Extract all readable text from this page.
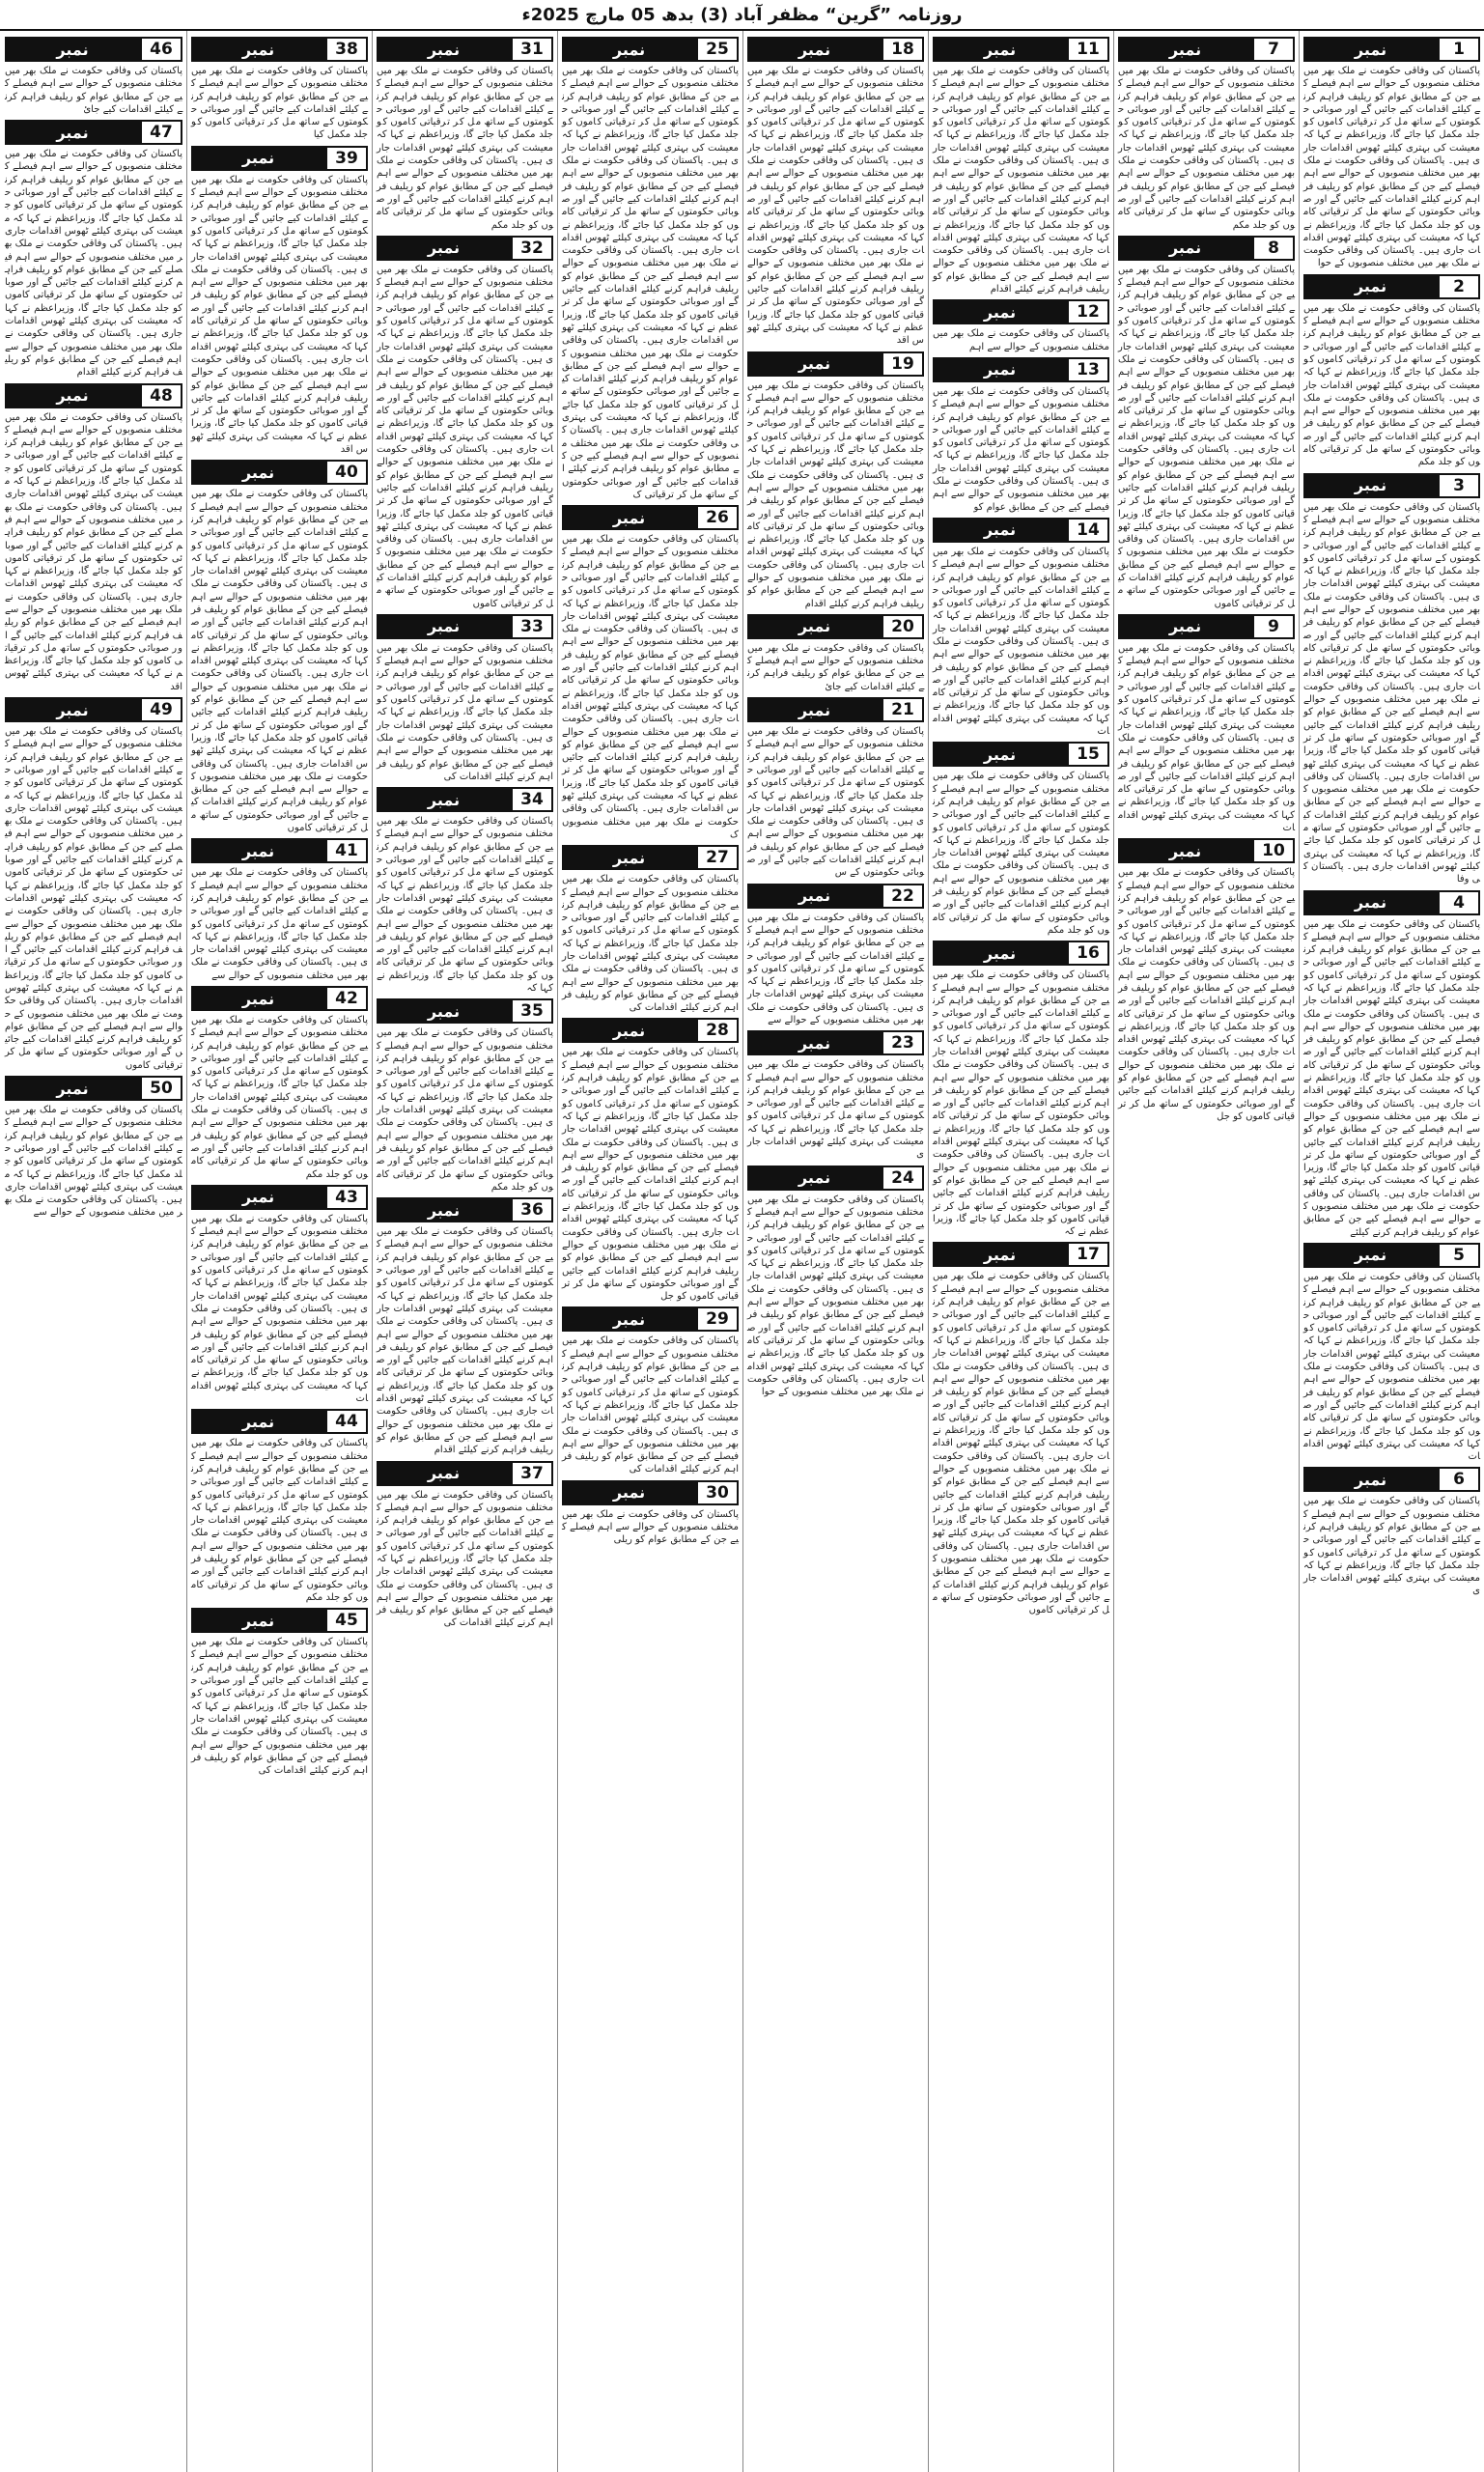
روزنامہ ”گرین“ مظفر آباد (3) بدھ 05 مارچ 2025ء
1
نمبر
پاکستان کی وفاقی حکومت نے ملک بھر میں مختلف منصوبوں کے حوالے سے اہم فیصلے کیے جن کے مطابق عوام کو ریلیف فراہم کرنے کیلئے اقدامات کیے جائیں گے اور صوبائی حکومتوں کے ساتھ مل کر ترقیاتی کاموں کو جلد مکمل کیا جائے گا، وزیراعظم نے کہا کہ معیشت کی بہتری کیلئے ٹھوس اقدامات جاری ہیں۔ پاکستان کی وفاقی حکومت نے ملک بھر میں مختلف منصوبوں کے حوالے سے اہم فیصلے کیے جن کے مطابق عوام کو ریلیف فراہم کرنے کیلئے اقدامات کیے جائیں گے اور صوبائی حکومتوں کے ساتھ مل کر ترقیاتی کاموں کو جلد مکمل کیا جائے گا، وزیراعظم نے کہا کہ معیشت کی بہتری کیلئے ٹھوس اقدامات جاری ہیں۔ پاکستان کی وفاقی حکومت نے ملک بھر میں مختلف منصوبوں کے حوا
2
نمبر
پاکستان کی وفاقی حکومت نے ملک بھر میں مختلف منصوبوں کے حوالے سے اہم فیصلے کیے جن کے مطابق عوام کو ریلیف فراہم کرنے کیلئے اقدامات کیے جائیں گے اور صوبائی حکومتوں کے ساتھ مل کر ترقیاتی کاموں کو جلد مکمل کیا جائے گا، وزیراعظم نے کہا کہ معیشت کی بہتری کیلئے ٹھوس اقدامات جاری ہیں۔ پاکستان کی وفاقی حکومت نے ملک بھر میں مختلف منصوبوں کے حوالے سے اہم فیصلے کیے جن کے مطابق عوام کو ریلیف فراہم کرنے کیلئے اقدامات کیے جائیں گے اور صوبائی حکومتوں کے ساتھ مل کر ترقیاتی کاموں کو جلد مکم
3
نمبر
پاکستان کی وفاقی حکومت نے ملک بھر میں مختلف منصوبوں کے حوالے سے اہم فیصلے کیے جن کے مطابق عوام کو ریلیف فراہم کرنے کیلئے اقدامات کیے جائیں گے اور صوبائی حکومتوں کے ساتھ مل کر ترقیاتی کاموں کو جلد مکمل کیا جائے گا، وزیراعظم نے کہا کہ معیشت کی بہتری کیلئے ٹھوس اقدامات جاری ہیں۔ پاکستان کی وفاقی حکومت نے ملک بھر میں مختلف منصوبوں کے حوالے سے اہم فیصلے کیے جن کے مطابق عوام کو ریلیف فراہم کرنے کیلئے اقدامات کیے جائیں گے اور صوبائی حکومتوں کے ساتھ مل کر ترقیاتی کاموں کو جلد مکمل کیا جائے گا، وزیراعظم نے کہا کہ معیشت کی بہتری کیلئے ٹھوس اقدامات جاری ہیں۔ پاکستان کی وفاقی حکومت نے ملک بھر میں مختلف منصوبوں کے حوالے سے اہم فیصلے کیے جن کے مطابق عوام کو ریلیف فراہم کرنے کیلئے اقدامات کیے جائیں گے اور صوبائی حکومتوں کے ساتھ مل کر ترقیاتی کاموں کو جلد مکمل کیا جائے گا، وزیراعظم نے کہا کہ معیشت کی بہتری کیلئے ٹھوس اقدامات جاری ہیں۔ پاکستان کی وفاقی حکومت نے ملک بھر میں مختلف منصوبوں کے حوالے سے اہم فیصلے کیے جن کے مطابق عوام کو ریلیف فراہم کرنے کیلئے اقدامات کیے جائیں گے اور صوبائی حکومتوں کے ساتھ مل کر ترقیاتی کاموں کو جلد مکمل کیا جائے گا، وزیراعظم نے کہا کہ معیشت کی بہتری کیلئے ٹھوس اقدامات جاری ہیں۔ پاکستان کی وفا
4
نمبر
پاکستان کی وفاقی حکومت نے ملک بھر میں مختلف منصوبوں کے حوالے سے اہم فیصلے کیے جن کے مطابق عوام کو ریلیف فراہم کرنے کیلئے اقدامات کیے جائیں گے اور صوبائی حکومتوں کے ساتھ مل کر ترقیاتی کاموں کو جلد مکمل کیا جائے گا، وزیراعظم نے کہا کہ معیشت کی بہتری کیلئے ٹھوس اقدامات جاری ہیں۔ پاکستان کی وفاقی حکومت نے ملک بھر میں مختلف منصوبوں کے حوالے سے اہم فیصلے کیے جن کے مطابق عوام کو ریلیف فراہم کرنے کیلئے اقدامات کیے جائیں گے اور صوبائی حکومتوں کے ساتھ مل کر ترقیاتی کاموں کو جلد مکمل کیا جائے گا، وزیراعظم نے کہا کہ معیشت کی بہتری کیلئے ٹھوس اقدامات جاری ہیں۔ پاکستان کی وفاقی حکومت نے ملک بھر میں مختلف منصوبوں کے حوالے سے اہم فیصلے کیے جن کے مطابق عوام کو ریلیف فراہم کرنے کیلئے اقدامات کیے جائیں گے اور صوبائی حکومتوں کے ساتھ مل کر ترقیاتی کاموں کو جلد مکمل کیا جائے گا، وزیراعظم نے کہا کہ معیشت کی بہتری کیلئے ٹھوس اقدامات جاری ہیں۔ پاکستان کی وفاقی حکومت نے ملک بھر میں مختلف منصوبوں کے حوالے سے اہم فیصلے کیے جن کے مطابق عوام کو ریلیف فراہم کرنے کیلئے
5
نمبر
پاکستان کی وفاقی حکومت نے ملک بھر میں مختلف منصوبوں کے حوالے سے اہم فیصلے کیے جن کے مطابق عوام کو ریلیف فراہم کرنے کیلئے اقدامات کیے جائیں گے اور صوبائی حکومتوں کے ساتھ مل کر ترقیاتی کاموں کو جلد مکمل کیا جائے گا، وزیراعظم نے کہا کہ معیشت کی بہتری کیلئے ٹھوس اقدامات جاری ہیں۔ پاکستان کی وفاقی حکومت نے ملک بھر میں مختلف منصوبوں کے حوالے سے اہم فیصلے کیے جن کے مطابق عوام کو ریلیف فراہم کرنے کیلئے اقدامات کیے جائیں گے اور صوبائی حکومتوں کے ساتھ مل کر ترقیاتی کاموں کو جلد مکمل کیا جائے گا، وزیراعظم نے کہا کہ معیشت کی بہتری کیلئے ٹھوس اقدامات
6
نمبر
پاکستان کی وفاقی حکومت نے ملک بھر میں مختلف منصوبوں کے حوالے سے اہم فیصلے کیے جن کے مطابق عوام کو ریلیف فراہم کرنے کیلئے اقدامات کیے جائیں گے اور صوبائی حکومتوں کے ساتھ مل کر ترقیاتی کاموں کو جلد مکمل کیا جائے گا، وزیراعظم نے کہا کہ معیشت کی بہتری کیلئے ٹھوس اقدامات جاری
7
نمبر
پاکستان کی وفاقی حکومت نے ملک بھر میں مختلف منصوبوں کے حوالے سے اہم فیصلے کیے جن کے مطابق عوام کو ریلیف فراہم کرنے کیلئے اقدامات کیے جائیں گے اور صوبائی حکومتوں کے ساتھ مل کر ترقیاتی کاموں کو جلد مکمل کیا جائے گا، وزیراعظم نے کہا کہ معیشت کی بہتری کیلئے ٹھوس اقدامات جاری ہیں۔ پاکستان کی وفاقی حکومت نے ملک بھر میں مختلف منصوبوں کے حوالے سے اہم فیصلے کیے جن کے مطابق عوام کو ریلیف فراہم کرنے کیلئے اقدامات کیے جائیں گے اور صوبائی حکومتوں کے ساتھ مل کر ترقیاتی کاموں کو جلد مکم
8
نمبر
پاکستان کی وفاقی حکومت نے ملک بھر میں مختلف منصوبوں کے حوالے سے اہم فیصلے کیے جن کے مطابق عوام کو ریلیف فراہم کرنے کیلئے اقدامات کیے جائیں گے اور صوبائی حکومتوں کے ساتھ مل کر ترقیاتی کاموں کو جلد مکمل کیا جائے گا، وزیراعظم نے کہا کہ معیشت کی بہتری کیلئے ٹھوس اقدامات جاری ہیں۔ پاکستان کی وفاقی حکومت نے ملک بھر میں مختلف منصوبوں کے حوالے سے اہم فیصلے کیے جن کے مطابق عوام کو ریلیف فراہم کرنے کیلئے اقدامات کیے جائیں گے اور صوبائی حکومتوں کے ساتھ مل کر ترقیاتی کاموں کو جلد مکمل کیا جائے گا، وزیراعظم نے کہا کہ معیشت کی بہتری کیلئے ٹھوس اقدامات جاری ہیں۔ پاکستان کی وفاقی حکومت نے ملک بھر میں مختلف منصوبوں کے حوالے سے اہم فیصلے کیے جن کے مطابق عوام کو ریلیف فراہم کرنے کیلئے اقدامات کیے جائیں گے اور صوبائی حکومتوں کے ساتھ مل کر ترقیاتی کاموں کو جلد مکمل کیا جائے گا، وزیراعظم نے کہا کہ معیشت کی بہتری کیلئے ٹھوس اقدامات جاری ہیں۔ پاکستان کی وفاقی حکومت نے ملک بھر میں مختلف منصوبوں کے حوالے سے اہم فیصلے کیے جن کے مطابق عوام کو ریلیف فراہم کرنے کیلئے اقدامات کیے جائیں گے اور صوبائی حکومتوں کے ساتھ مل کر ترقیاتی کاموں
9
نمبر
پاکستان کی وفاقی حکومت نے ملک بھر میں مختلف منصوبوں کے حوالے سے اہم فیصلے کیے جن کے مطابق عوام کو ریلیف فراہم کرنے کیلئے اقدامات کیے جائیں گے اور صوبائی حکومتوں کے ساتھ مل کر ترقیاتی کاموں کو جلد مکمل کیا جائے گا، وزیراعظم نے کہا کہ معیشت کی بہتری کیلئے ٹھوس اقدامات جاری ہیں۔ پاکستان کی وفاقی حکومت نے ملک بھر میں مختلف منصوبوں کے حوالے سے اہم فیصلے کیے جن کے مطابق عوام کو ریلیف فراہم کرنے کیلئے اقدامات کیے جائیں گے اور صوبائی حکومتوں کے ساتھ مل کر ترقیاتی کاموں کو جلد مکمل کیا جائے گا، وزیراعظم نے کہا کہ معیشت کی بہتری کیلئے ٹھوس اقدامات
10
نمبر
پاکستان کی وفاقی حکومت نے ملک بھر میں مختلف منصوبوں کے حوالے سے اہم فیصلے کیے جن کے مطابق عوام کو ریلیف فراہم کرنے کیلئے اقدامات کیے جائیں گے اور صوبائی حکومتوں کے ساتھ مل کر ترقیاتی کاموں کو جلد مکمل کیا جائے گا، وزیراعظم نے کہا کہ معیشت کی بہتری کیلئے ٹھوس اقدامات جاری ہیں۔ پاکستان کی وفاقی حکومت نے ملک بھر میں مختلف منصوبوں کے حوالے سے اہم فیصلے کیے جن کے مطابق عوام کو ریلیف فراہم کرنے کیلئے اقدامات کیے جائیں گے اور صوبائی حکومتوں کے ساتھ مل کر ترقیاتی کاموں کو جلد مکمل کیا جائے گا، وزیراعظم نے کہا کہ معیشت کی بہتری کیلئے ٹھوس اقدامات جاری ہیں۔ پاکستان کی وفاقی حکومت نے ملک بھر میں مختلف منصوبوں کے حوالے سے اہم فیصلے کیے جن کے مطابق عوام کو ریلیف فراہم کرنے کیلئے اقدامات کیے جائیں گے اور صوبائی حکومتوں کے ساتھ مل کر ترقیاتی کاموں کو جل
11
نمبر
پاکستان کی وفاقی حکومت نے ملک بھر میں مختلف منصوبوں کے حوالے سے اہم فیصلے کیے جن کے مطابق عوام کو ریلیف فراہم کرنے کیلئے اقدامات کیے جائیں گے اور صوبائی حکومتوں کے ساتھ مل کر ترقیاتی کاموں کو جلد مکمل کیا جائے گا، وزیراعظم نے کہا کہ معیشت کی بہتری کیلئے ٹھوس اقدامات جاری ہیں۔ پاکستان کی وفاقی حکومت نے ملک بھر میں مختلف منصوبوں کے حوالے سے اہم فیصلے کیے جن کے مطابق عوام کو ریلیف فراہم کرنے کیلئے اقدامات کیے جائیں گے اور صوبائی حکومتوں کے ساتھ مل کر ترقیاتی کاموں کو جلد مکمل کیا جائے گا، وزیراعظم نے کہا کہ معیشت کی بہتری کیلئے ٹھوس اقدامات جاری ہیں۔ پاکستان کی وفاقی حکومت نے ملک بھر میں مختلف منصوبوں کے حوالے سے اہم فیصلے کیے جن کے مطابق عوام کو ریلیف فراہم کرنے کیلئے اقدام
12
نمبر
پاکستان کی وفاقی حکومت نے ملک بھر میں مختلف منصوبوں کے حوالے سے اہم
13
نمبر
پاکستان کی وفاقی حکومت نے ملک بھر میں مختلف منصوبوں کے حوالے سے اہم فیصلے کیے جن کے مطابق عوام کو ریلیف فراہم کرنے کیلئے اقدامات کیے جائیں گے اور صوبائی حکومتوں کے ساتھ مل کر ترقیاتی کاموں کو جلد مکمل کیا جائے گا، وزیراعظم نے کہا کہ معیشت کی بہتری کیلئے ٹھوس اقدامات جاری ہیں۔ پاکستان کی وفاقی حکومت نے ملک بھر میں مختلف منصوبوں کے حوالے سے اہم فیصلے کیے جن کے مطابق عوام کو
14
نمبر
پاکستان کی وفاقی حکومت نے ملک بھر میں مختلف منصوبوں کے حوالے سے اہم فیصلے کیے جن کے مطابق عوام کو ریلیف فراہم کرنے کیلئے اقدامات کیے جائیں گے اور صوبائی حکومتوں کے ساتھ مل کر ترقیاتی کاموں کو جلد مکمل کیا جائے گا، وزیراعظم نے کہا کہ معیشت کی بہتری کیلئے ٹھوس اقدامات جاری ہیں۔ پاکستان کی وفاقی حکومت نے ملک بھر میں مختلف منصوبوں کے حوالے سے اہم فیصلے کیے جن کے مطابق عوام کو ریلیف فراہم کرنے کیلئے اقدامات کیے جائیں گے اور صوبائی حکومتوں کے ساتھ مل کر ترقیاتی کاموں کو جلد مکمل کیا جائے گا، وزیراعظم نے کہا کہ معیشت کی بہتری کیلئے ٹھوس اقدامات
15
نمبر
پاکستان کی وفاقی حکومت نے ملک بھر میں مختلف منصوبوں کے حوالے سے اہم فیصلے کیے جن کے مطابق عوام کو ریلیف فراہم کرنے کیلئے اقدامات کیے جائیں گے اور صوبائی حکومتوں کے ساتھ مل کر ترقیاتی کاموں کو جلد مکمل کیا جائے گا، وزیراعظم نے کہا کہ معیشت کی بہتری کیلئے ٹھوس اقدامات جاری ہیں۔ پاکستان کی وفاقی حکومت نے ملک بھر میں مختلف منصوبوں کے حوالے سے اہم فیصلے کیے جن کے مطابق عوام کو ریلیف فراہم کرنے کیلئے اقدامات کیے جائیں گے اور صوبائی حکومتوں کے ساتھ مل کر ترقیاتی کاموں کو جلد مکم
16
نمبر
پاکستان کی وفاقی حکومت نے ملک بھر میں مختلف منصوبوں کے حوالے سے اہم فیصلے کیے جن کے مطابق عوام کو ریلیف فراہم کرنے کیلئے اقدامات کیے جائیں گے اور صوبائی حکومتوں کے ساتھ مل کر ترقیاتی کاموں کو جلد مکمل کیا جائے گا، وزیراعظم نے کہا کہ معیشت کی بہتری کیلئے ٹھوس اقدامات جاری ہیں۔ پاکستان کی وفاقی حکومت نے ملک بھر میں مختلف منصوبوں کے حوالے سے اہم فیصلے کیے جن کے مطابق عوام کو ریلیف فراہم کرنے کیلئے اقدامات کیے جائیں گے اور صوبائی حکومتوں کے ساتھ مل کر ترقیاتی کاموں کو جلد مکمل کیا جائے گا، وزیراعظم نے کہا کہ معیشت کی بہتری کیلئے ٹھوس اقدامات جاری ہیں۔ پاکستان کی وفاقی حکومت نے ملک بھر میں مختلف منصوبوں کے حوالے سے اہم فیصلے کیے جن کے مطابق عوام کو ریلیف فراہم کرنے کیلئے اقدامات کیے جائیں گے اور صوبائی حکومتوں کے ساتھ مل کر ترقیاتی کاموں کو جلد مکمل کیا جائے گا، وزیراعظم نے کہ
17
نمبر
پاکستان کی وفاقی حکومت نے ملک بھر میں مختلف منصوبوں کے حوالے سے اہم فیصلے کیے جن کے مطابق عوام کو ریلیف فراہم کرنے کیلئے اقدامات کیے جائیں گے اور صوبائی حکومتوں کے ساتھ مل کر ترقیاتی کاموں کو جلد مکمل کیا جائے گا، وزیراعظم نے کہا کہ معیشت کی بہتری کیلئے ٹھوس اقدامات جاری ہیں۔ پاکستان کی وفاقی حکومت نے ملک بھر میں مختلف منصوبوں کے حوالے سے اہم فیصلے کیے جن کے مطابق عوام کو ریلیف فراہم کرنے کیلئے اقدامات کیے جائیں گے اور صوبائی حکومتوں کے ساتھ مل کر ترقیاتی کاموں کو جلد مکمل کیا جائے گا، وزیراعظم نے کہا کہ معیشت کی بہتری کیلئے ٹھوس اقدامات جاری ہیں۔ پاکستان کی وفاقی حکومت نے ملک بھر میں مختلف منصوبوں کے حوالے سے اہم فیصلے کیے جن کے مطابق عوام کو ریلیف فراہم کرنے کیلئے اقدامات کیے جائیں گے اور صوبائی حکومتوں کے ساتھ مل کر ترقیاتی کاموں کو جلد مکمل کیا جائے گا، وزیراعظم نے کہا کہ معیشت کی بہتری کیلئے ٹھوس اقدامات جاری ہیں۔ پاکستان کی وفاقی حکومت نے ملک بھر میں مختلف منصوبوں کے حوالے سے اہم فیصلے کیے جن کے مطابق عوام کو ریلیف فراہم کرنے کیلئے اقدامات کیے جائیں گے اور صوبائی حکومتوں کے ساتھ مل کر ترقیاتی کاموں
18
نمبر
پاکستان کی وفاقی حکومت نے ملک بھر میں مختلف منصوبوں کے حوالے سے اہم فیصلے کیے جن کے مطابق عوام کو ریلیف فراہم کرنے کیلئے اقدامات کیے جائیں گے اور صوبائی حکومتوں کے ساتھ مل کر ترقیاتی کاموں کو جلد مکمل کیا جائے گا، وزیراعظم نے کہا کہ معیشت کی بہتری کیلئے ٹھوس اقدامات جاری ہیں۔ پاکستان کی وفاقی حکومت نے ملک بھر میں مختلف منصوبوں کے حوالے سے اہم فیصلے کیے جن کے مطابق عوام کو ریلیف فراہم کرنے کیلئے اقدامات کیے جائیں گے اور صوبائی حکومتوں کے ساتھ مل کر ترقیاتی کاموں کو جلد مکمل کیا جائے گا، وزیراعظم نے کہا کہ معیشت کی بہتری کیلئے ٹھوس اقدامات جاری ہیں۔ پاکستان کی وفاقی حکومت نے ملک بھر میں مختلف منصوبوں کے حوالے سے اہم فیصلے کیے جن کے مطابق عوام کو ریلیف فراہم کرنے کیلئے اقدامات کیے جائیں گے اور صوبائی حکومتوں کے ساتھ مل کر ترقیاتی کاموں کو جلد مکمل کیا جائے گا، وزیراعظم نے کہا کہ معیشت کی بہتری کیلئے ٹھوس اقد
19
نمبر
پاکستان کی وفاقی حکومت نے ملک بھر میں مختلف منصوبوں کے حوالے سے اہم فیصلے کیے جن کے مطابق عوام کو ریلیف فراہم کرنے کیلئے اقدامات کیے جائیں گے اور صوبائی حکومتوں کے ساتھ مل کر ترقیاتی کاموں کو جلد مکمل کیا جائے گا، وزیراعظم نے کہا کہ معیشت کی بہتری کیلئے ٹھوس اقدامات جاری ہیں۔ پاکستان کی وفاقی حکومت نے ملک بھر میں مختلف منصوبوں کے حوالے سے اہم فیصلے کیے جن کے مطابق عوام کو ریلیف فراہم کرنے کیلئے اقدامات کیے جائیں گے اور صوبائی حکومتوں کے ساتھ مل کر ترقیاتی کاموں کو جلد مکمل کیا جائے گا، وزیراعظم نے کہا کہ معیشت کی بہتری کیلئے ٹھوس اقدامات جاری ہیں۔ پاکستان کی وفاقی حکومت نے ملک بھر میں مختلف منصوبوں کے حوالے سے اہم فیصلے کیے جن کے مطابق عوام کو ریلیف فراہم کرنے کیلئے اقدام
20
نمبر
پاکستان کی وفاقی حکومت نے ملک بھر میں مختلف منصوبوں کے حوالے سے اہم فیصلے کیے جن کے مطابق عوام کو ریلیف فراہم کرنے کیلئے اقدامات کیے جائ
21
نمبر
پاکستان کی وفاقی حکومت نے ملک بھر میں مختلف منصوبوں کے حوالے سے اہم فیصلے کیے جن کے مطابق عوام کو ریلیف فراہم کرنے کیلئے اقدامات کیے جائیں گے اور صوبائی حکومتوں کے ساتھ مل کر ترقیاتی کاموں کو جلد مکمل کیا جائے گا، وزیراعظم نے کہا کہ معیشت کی بہتری کیلئے ٹھوس اقدامات جاری ہیں۔ پاکستان کی وفاقی حکومت نے ملک بھر میں مختلف منصوبوں کے حوالے سے اہم فیصلے کیے جن کے مطابق عوام کو ریلیف فراہم کرنے کیلئے اقدامات کیے جائیں گے اور صوبائی حکومتوں کے س
22
نمبر
پاکستان کی وفاقی حکومت نے ملک بھر میں مختلف منصوبوں کے حوالے سے اہم فیصلے کیے جن کے مطابق عوام کو ریلیف فراہم کرنے کیلئے اقدامات کیے جائیں گے اور صوبائی حکومتوں کے ساتھ مل کر ترقیاتی کاموں کو جلد مکمل کیا جائے گا، وزیراعظم نے کہا کہ معیشت کی بہتری کیلئے ٹھوس اقدامات جاری ہیں۔ پاکستان کی وفاقی حکومت نے ملک بھر میں مختلف منصوبوں کے حوالے سے
23
نمبر
پاکستان کی وفاقی حکومت نے ملک بھر میں مختلف منصوبوں کے حوالے سے اہم فیصلے کیے جن کے مطابق عوام کو ریلیف فراہم کرنے کیلئے اقدامات کیے جائیں گے اور صوبائی حکومتوں کے ساتھ مل کر ترقیاتی کاموں کو جلد مکمل کیا جائے گا، وزیراعظم نے کہا کہ معیشت کی بہتری کیلئے ٹھوس اقدامات جاری
24
نمبر
پاکستان کی وفاقی حکومت نے ملک بھر میں مختلف منصوبوں کے حوالے سے اہم فیصلے کیے جن کے مطابق عوام کو ریلیف فراہم کرنے کیلئے اقدامات کیے جائیں گے اور صوبائی حکومتوں کے ساتھ مل کر ترقیاتی کاموں کو جلد مکمل کیا جائے گا، وزیراعظم نے کہا کہ معیشت کی بہتری کیلئے ٹھوس اقدامات جاری ہیں۔ پاکستان کی وفاقی حکومت نے ملک بھر میں مختلف منصوبوں کے حوالے سے اہم فیصلے کیے جن کے مطابق عوام کو ریلیف فراہم کرنے کیلئے اقدامات کیے جائیں گے اور صوبائی حکومتوں کے ساتھ مل کر ترقیاتی کاموں کو جلد مکمل کیا جائے گا، وزیراعظم نے کہا کہ معیشت کی بہتری کیلئے ٹھوس اقدامات جاری ہیں۔ پاکستان کی وفاقی حکومت نے ملک بھر میں مختلف منصوبوں کے حوا
25
نمبر
پاکستان کی وفاقی حکومت نے ملک بھر میں مختلف منصوبوں کے حوالے سے اہم فیصلے کیے جن کے مطابق عوام کو ریلیف فراہم کرنے کیلئے اقدامات کیے جائیں گے اور صوبائی حکومتوں کے ساتھ مل کر ترقیاتی کاموں کو جلد مکمل کیا جائے گا، وزیراعظم نے کہا کہ معیشت کی بہتری کیلئے ٹھوس اقدامات جاری ہیں۔ پاکستان کی وفاقی حکومت نے ملک بھر میں مختلف منصوبوں کے حوالے سے اہم فیصلے کیے جن کے مطابق عوام کو ریلیف فراہم کرنے کیلئے اقدامات کیے جائیں گے اور صوبائی حکومتوں کے ساتھ مل کر ترقیاتی کاموں کو جلد مکمل کیا جائے گا، وزیراعظم نے کہا کہ معیشت کی بہتری کیلئے ٹھوس اقدامات جاری ہیں۔ پاکستان کی وفاقی حکومت نے ملک بھر میں مختلف منصوبوں کے حوالے سے اہم فیصلے کیے جن کے مطابق عوام کو ریلیف فراہم کرنے کیلئے اقدامات کیے جائیں گے اور صوبائی حکومتوں کے ساتھ مل کر ترقیاتی کاموں کو جلد مکمل کیا جائے گا، وزیراعظم نے کہا کہ معیشت کی بہتری کیلئے ٹھوس اقدامات جاری ہیں۔ پاکستان کی وفاقی حکومت نے ملک بھر میں مختلف منصوبوں کے حوالے سے اہم فیصلے کیے جن کے مطابق عوام کو ریلیف فراہم کرنے کیلئے اقدامات کیے جائیں گے اور صوبائی حکومتوں کے ساتھ مل کر ترقیاتی کاموں کو جلد مکمل کیا جائے گا، وزیراعظم نے کہا کہ معیشت کی بہتری کیلئے ٹھوس اقدامات جاری ہیں۔ پاکستان کی وفاقی حکومت نے ملک بھر میں مختلف منصوبوں کے حوالے سے اہم فیصلے کیے جن کے مطابق عوام کو ریلیف فراہم کرنے کیلئے اقدامات کیے جائیں گے اور صوبائی حکومتوں کے ساتھ مل کر ترقیاتی ک
26
نمبر
پاکستان کی وفاقی حکومت نے ملک بھر میں مختلف منصوبوں کے حوالے سے اہم فیصلے کیے جن کے مطابق عوام کو ریلیف فراہم کرنے کیلئے اقدامات کیے جائیں گے اور صوبائی حکومتوں کے ساتھ مل کر ترقیاتی کاموں کو جلد مکمل کیا جائے گا، وزیراعظم نے کہا کہ معیشت کی بہتری کیلئے ٹھوس اقدامات جاری ہیں۔ پاکستان کی وفاقی حکومت نے ملک بھر میں مختلف منصوبوں کے حوالے سے اہم فیصلے کیے جن کے مطابق عوام کو ریلیف فراہم کرنے کیلئے اقدامات کیے جائیں گے اور صوبائی حکومتوں کے ساتھ مل کر ترقیاتی کاموں کو جلد مکمل کیا جائے گا، وزیراعظم نے کہا کہ معیشت کی بہتری کیلئے ٹھوس اقدامات جاری ہیں۔ پاکستان کی وفاقی حکومت نے ملک بھر میں مختلف منصوبوں کے حوالے سے اہم فیصلے کیے جن کے مطابق عوام کو ریلیف فراہم کرنے کیلئے اقدامات کیے جائیں گے اور صوبائی حکومتوں کے ساتھ مل کر ترقیاتی کاموں کو جلد مکمل کیا جائے گا، وزیراعظم نے کہا کہ معیشت کی بہتری کیلئے ٹھوس اقدامات جاری ہیں۔ پاکستان کی وفاقی حکومت نے ملک بھر میں مختلف منصوبوں ک
27
نمبر
پاکستان کی وفاقی حکومت نے ملک بھر میں مختلف منصوبوں کے حوالے سے اہم فیصلے کیے جن کے مطابق عوام کو ریلیف فراہم کرنے کیلئے اقدامات کیے جائیں گے اور صوبائی حکومتوں کے ساتھ مل کر ترقیاتی کاموں کو جلد مکمل کیا جائے گا، وزیراعظم نے کہا کہ معیشت کی بہتری کیلئے ٹھوس اقدامات جاری ہیں۔ پاکستان کی وفاقی حکومت نے ملک بھر میں مختلف منصوبوں کے حوالے سے اہم فیصلے کیے جن کے مطابق عوام کو ریلیف فراہم کرنے کیلئے اقدامات کی
28
نمبر
پاکستان کی وفاقی حکومت نے ملک بھر میں مختلف منصوبوں کے حوالے سے اہم فیصلے کیے جن کے مطابق عوام کو ریلیف فراہم کرنے کیلئے اقدامات کیے جائیں گے اور صوبائی حکومتوں کے ساتھ مل کر ترقیاتی کاموں کو جلد مکمل کیا جائے گا، وزیراعظم نے کہا کہ معیشت کی بہتری کیلئے ٹھوس اقدامات جاری ہیں۔ پاکستان کی وفاقی حکومت نے ملک بھر میں مختلف منصوبوں کے حوالے سے اہم فیصلے کیے جن کے مطابق عوام کو ریلیف فراہم کرنے کیلئے اقدامات کیے جائیں گے اور صوبائی حکومتوں کے ساتھ مل کر ترقیاتی کاموں کو جلد مکمل کیا جائے گا، وزیراعظم نے کہا کہ معیشت کی بہتری کیلئے ٹھوس اقدامات جاری ہیں۔ پاکستان کی وفاقی حکومت نے ملک بھر میں مختلف منصوبوں کے حوالے سے اہم فیصلے کیے جن کے مطابق عوام کو ریلیف فراہم کرنے کیلئے اقدامات کیے جائیں گے اور صوبائی حکومتوں کے ساتھ مل کر ترقیاتی کاموں کو جل
29
نمبر
پاکستان کی وفاقی حکومت نے ملک بھر میں مختلف منصوبوں کے حوالے سے اہم فیصلے کیے جن کے مطابق عوام کو ریلیف فراہم کرنے کیلئے اقدامات کیے جائیں گے اور صوبائی حکومتوں کے ساتھ مل کر ترقیاتی کاموں کو جلد مکمل کیا جائے گا، وزیراعظم نے کہا کہ معیشت کی بہتری کیلئے ٹھوس اقدامات جاری ہیں۔ پاکستان کی وفاقی حکومت نے ملک بھر میں مختلف منصوبوں کے حوالے سے اہم فیصلے کیے جن کے مطابق عوام کو ریلیف فراہم کرنے کیلئے اقدامات کی
30
نمبر
پاکستان کی وفاقی حکومت نے ملک بھر میں مختلف منصوبوں کے حوالے سے اہم فیصلے کیے جن کے مطابق عوام کو ریلی
31
نمبر
پاکستان کی وفاقی حکومت نے ملک بھر میں مختلف منصوبوں کے حوالے سے اہم فیصلے کیے جن کے مطابق عوام کو ریلیف فراہم کرنے کیلئے اقدامات کیے جائیں گے اور صوبائی حکومتوں کے ساتھ مل کر ترقیاتی کاموں کو جلد مکمل کیا جائے گا، وزیراعظم نے کہا کہ معیشت کی بہتری کیلئے ٹھوس اقدامات جاری ہیں۔ پاکستان کی وفاقی حکومت نے ملک بھر میں مختلف منصوبوں کے حوالے سے اہم فیصلے کیے جن کے مطابق عوام کو ریلیف فراہم کرنے کیلئے اقدامات کیے جائیں گے اور صوبائی حکومتوں کے ساتھ مل کر ترقیاتی کاموں کو جلد مکم
32
نمبر
پاکستان کی وفاقی حکومت نے ملک بھر میں مختلف منصوبوں کے حوالے سے اہم فیصلے کیے جن کے مطابق عوام کو ریلیف فراہم کرنے کیلئے اقدامات کیے جائیں گے اور صوبائی حکومتوں کے ساتھ مل کر ترقیاتی کاموں کو جلد مکمل کیا جائے گا، وزیراعظم نے کہا کہ معیشت کی بہتری کیلئے ٹھوس اقدامات جاری ہیں۔ پاکستان کی وفاقی حکومت نے ملک بھر میں مختلف منصوبوں کے حوالے سے اہم فیصلے کیے جن کے مطابق عوام کو ریلیف فراہم کرنے کیلئے اقدامات کیے جائیں گے اور صوبائی حکومتوں کے ساتھ مل کر ترقیاتی کاموں کو جلد مکمل کیا جائے گا، وزیراعظم نے کہا کہ معیشت کی بہتری کیلئے ٹھوس اقدامات جاری ہیں۔ پاکستان کی وفاقی حکومت نے ملک بھر میں مختلف منصوبوں کے حوالے سے اہم فیصلے کیے جن کے مطابق عوام کو ریلیف فراہم کرنے کیلئے اقدامات کیے جائیں گے اور صوبائی حکومتوں کے ساتھ مل کر ترقیاتی کاموں کو جلد مکمل کیا جائے گا، وزیراعظم نے کہا کہ معیشت کی بہتری کیلئے ٹھوس اقدامات جاری ہیں۔ پاکستان کی وفاقی حکومت نے ملک بھر میں مختلف منصوبوں کے حوالے سے اہم فیصلے کیے جن کے مطابق عوام کو ریلیف فراہم کرنے کیلئے اقدامات کیے جائیں گے اور صوبائی حکومتوں کے ساتھ مل کر ترقیاتی کاموں
33
نمبر
پاکستان کی وفاقی حکومت نے ملک بھر میں مختلف منصوبوں کے حوالے سے اہم فیصلے کیے جن کے مطابق عوام کو ریلیف فراہم کرنے کیلئے اقدامات کیے جائیں گے اور صوبائی حکومتوں کے ساتھ مل کر ترقیاتی کاموں کو جلد مکمل کیا جائے گا، وزیراعظم نے کہا کہ معیشت کی بہتری کیلئے ٹھوس اقدامات جاری ہیں۔ پاکستان کی وفاقی حکومت نے ملک بھر میں مختلف منصوبوں کے حوالے سے اہم فیصلے کیے جن کے مطابق عوام کو ریلیف فراہم کرنے کیلئے اقدامات کی
34
نمبر
پاکستان کی وفاقی حکومت نے ملک بھر میں مختلف منصوبوں کے حوالے سے اہم فیصلے کیے جن کے مطابق عوام کو ریلیف فراہم کرنے کیلئے اقدامات کیے جائیں گے اور صوبائی حکومتوں کے ساتھ مل کر ترقیاتی کاموں کو جلد مکمل کیا جائے گا، وزیراعظم نے کہا کہ معیشت کی بہتری کیلئے ٹھوس اقدامات جاری ہیں۔ پاکستان کی وفاقی حکومت نے ملک بھر میں مختلف منصوبوں کے حوالے سے اہم فیصلے کیے جن کے مطابق عوام کو ریلیف فراہم کرنے کیلئے اقدامات کیے جائیں گے اور صوبائی حکومتوں کے ساتھ مل کر ترقیاتی کاموں کو جلد مکمل کیا جائے گا، وزیراعظم نے کہا کہ
35
نمبر
پاکستان کی وفاقی حکومت نے ملک بھر میں مختلف منصوبوں کے حوالے سے اہم فیصلے کیے جن کے مطابق عوام کو ریلیف فراہم کرنے کیلئے اقدامات کیے جائیں گے اور صوبائی حکومتوں کے ساتھ مل کر ترقیاتی کاموں کو جلد مکمل کیا جائے گا، وزیراعظم نے کہا کہ معیشت کی بہتری کیلئے ٹھوس اقدامات جاری ہیں۔ پاکستان کی وفاقی حکومت نے ملک بھر میں مختلف منصوبوں کے حوالے سے اہم فیصلے کیے جن کے مطابق عوام کو ریلیف فراہم کرنے کیلئے اقدامات کیے جائیں گے اور صوبائی حکومتوں کے ساتھ مل کر ترقیاتی کاموں کو جلد مکم
36
نمبر
پاکستان کی وفاقی حکومت نے ملک بھر میں مختلف منصوبوں کے حوالے سے اہم فیصلے کیے جن کے مطابق عوام کو ریلیف فراہم کرنے کیلئے اقدامات کیے جائیں گے اور صوبائی حکومتوں کے ساتھ مل کر ترقیاتی کاموں کو جلد مکمل کیا جائے گا، وزیراعظم نے کہا کہ معیشت کی بہتری کیلئے ٹھوس اقدامات جاری ہیں۔ پاکستان کی وفاقی حکومت نے ملک بھر میں مختلف منصوبوں کے حوالے سے اہم فیصلے کیے جن کے مطابق عوام کو ریلیف فراہم کرنے کیلئے اقدامات کیے جائیں گے اور صوبائی حکومتوں کے ساتھ مل کر ترقیاتی کاموں کو جلد مکمل کیا جائے گا، وزیراعظم نے کہا کہ معیشت کی بہتری کیلئے ٹھوس اقدامات جاری ہیں۔ پاکستان کی وفاقی حکومت نے ملک بھر میں مختلف منصوبوں کے حوالے سے اہم فیصلے کیے جن کے مطابق عوام کو ریلیف فراہم کرنے کیلئے اقدام
37
نمبر
پاکستان کی وفاقی حکومت نے ملک بھر میں مختلف منصوبوں کے حوالے سے اہم فیصلے کیے جن کے مطابق عوام کو ریلیف فراہم کرنے کیلئے اقدامات کیے جائیں گے اور صوبائی حکومتوں کے ساتھ مل کر ترقیاتی کاموں کو جلد مکمل کیا جائے گا، وزیراعظم نے کہا کہ معیشت کی بہتری کیلئے ٹھوس اقدامات جاری ہیں۔ پاکستان کی وفاقی حکومت نے ملک بھر میں مختلف منصوبوں کے حوالے سے اہم فیصلے کیے جن کے مطابق عوام کو ریلیف فراہم کرنے کیلئے اقدامات کی
38
نمبر
پاکستان کی وفاقی حکومت نے ملک بھر میں مختلف منصوبوں کے حوالے سے اہم فیصلے کیے جن کے مطابق عوام کو ریلیف فراہم کرنے کیلئے اقدامات کیے جائیں گے اور صوبائی حکومتوں کے ساتھ مل کر ترقیاتی کاموں کو جلد مکمل کیا
39
نمبر
پاکستان کی وفاقی حکومت نے ملک بھر میں مختلف منصوبوں کے حوالے سے اہم فیصلے کیے جن کے مطابق عوام کو ریلیف فراہم کرنے کیلئے اقدامات کیے جائیں گے اور صوبائی حکومتوں کے ساتھ مل کر ترقیاتی کاموں کو جلد مکمل کیا جائے گا، وزیراعظم نے کہا کہ معیشت کی بہتری کیلئے ٹھوس اقدامات جاری ہیں۔ پاکستان کی وفاقی حکومت نے ملک بھر میں مختلف منصوبوں کے حوالے سے اہم فیصلے کیے جن کے مطابق عوام کو ریلیف فراہم کرنے کیلئے اقدامات کیے جائیں گے اور صوبائی حکومتوں کے ساتھ مل کر ترقیاتی کاموں کو جلد مکمل کیا جائے گا، وزیراعظم نے کہا کہ معیشت کی بہتری کیلئے ٹھوس اقدامات جاری ہیں۔ پاکستان کی وفاقی حکومت نے ملک بھر میں مختلف منصوبوں کے حوالے سے اہم فیصلے کیے جن کے مطابق عوام کو ریلیف فراہم کرنے کیلئے اقدامات کیے جائیں گے اور صوبائی حکومتوں کے ساتھ مل کر ترقیاتی کاموں کو جلد مکمل کیا جائے گا، وزیراعظم نے کہا کہ معیشت کی بہتری کیلئے ٹھوس اقد
40
نمبر
پاکستان کی وفاقی حکومت نے ملک بھر میں مختلف منصوبوں کے حوالے سے اہم فیصلے کیے جن کے مطابق عوام کو ریلیف فراہم کرنے کیلئے اقدامات کیے جائیں گے اور صوبائی حکومتوں کے ساتھ مل کر ترقیاتی کاموں کو جلد مکمل کیا جائے گا، وزیراعظم نے کہا کہ معیشت کی بہتری کیلئے ٹھوس اقدامات جاری ہیں۔ پاکستان کی وفاقی حکومت نے ملک بھر میں مختلف منصوبوں کے حوالے سے اہم فیصلے کیے جن کے مطابق عوام کو ریلیف فراہم کرنے کیلئے اقدامات کیے جائیں گے اور صوبائی حکومتوں کے ساتھ مل کر ترقیاتی کاموں کو جلد مکمل کیا جائے گا، وزیراعظم نے کہا کہ معیشت کی بہتری کیلئے ٹھوس اقدامات جاری ہیں۔ پاکستان کی وفاقی حکومت نے ملک بھر میں مختلف منصوبوں کے حوالے سے اہم فیصلے کیے جن کے مطابق عوام کو ریلیف فراہم کرنے کیلئے اقدامات کیے جائیں گے اور صوبائی حکومتوں کے ساتھ مل کر ترقیاتی کاموں کو جلد مکمل کیا جائے گا، وزیراعظم نے کہا کہ معیشت کی بہتری کیلئے ٹھوس اقدامات جاری ہیں۔ پاکستان کی وفاقی حکومت نے ملک بھر میں مختلف منصوبوں کے حوالے سے اہم فیصلے کیے جن کے مطابق عوام کو ریلیف فراہم کرنے کیلئے اقدامات کیے جائیں گے اور صوبائی حکومتوں کے ساتھ مل کر ترقیاتی کاموں
41
نمبر
پاکستان کی وفاقی حکومت نے ملک بھر میں مختلف منصوبوں کے حوالے سے اہم فیصلے کیے جن کے مطابق عوام کو ریلیف فراہم کرنے کیلئے اقدامات کیے جائیں گے اور صوبائی حکومتوں کے ساتھ مل کر ترقیاتی کاموں کو جلد مکمل کیا جائے گا، وزیراعظم نے کہا کہ معیشت کی بہتری کیلئے ٹھوس اقدامات جاری ہیں۔ پاکستان کی وفاقی حکومت نے ملک بھر میں مختلف منصوبوں کے حوالے سے
42
نمبر
پاکستان کی وفاقی حکومت نے ملک بھر میں مختلف منصوبوں کے حوالے سے اہم فیصلے کیے جن کے مطابق عوام کو ریلیف فراہم کرنے کیلئے اقدامات کیے جائیں گے اور صوبائی حکومتوں کے ساتھ مل کر ترقیاتی کاموں کو جلد مکمل کیا جائے گا، وزیراعظم نے کہا کہ معیشت کی بہتری کیلئے ٹھوس اقدامات جاری ہیں۔ پاکستان کی وفاقی حکومت نے ملک بھر میں مختلف منصوبوں کے حوالے سے اہم فیصلے کیے جن کے مطابق عوام کو ریلیف فراہم کرنے کیلئے اقدامات کیے جائیں گے اور صوبائی حکومتوں کے ساتھ مل کر ترقیاتی کاموں کو جلد مکم
43
نمبر
پاکستان کی وفاقی حکومت نے ملک بھر میں مختلف منصوبوں کے حوالے سے اہم فیصلے کیے جن کے مطابق عوام کو ریلیف فراہم کرنے کیلئے اقدامات کیے جائیں گے اور صوبائی حکومتوں کے ساتھ مل کر ترقیاتی کاموں کو جلد مکمل کیا جائے گا، وزیراعظم نے کہا کہ معیشت کی بہتری کیلئے ٹھوس اقدامات جاری ہیں۔ پاکستان کی وفاقی حکومت نے ملک بھر میں مختلف منصوبوں کے حوالے سے اہم فیصلے کیے جن کے مطابق عوام کو ریلیف فراہم کرنے کیلئے اقدامات کیے جائیں گے اور صوبائی حکومتوں کے ساتھ مل کر ترقیاتی کاموں کو جلد مکمل کیا جائے گا، وزیراعظم نے کہا کہ معیشت کی بہتری کیلئے ٹھوس اقدامات
44
نمبر
پاکستان کی وفاقی حکومت نے ملک بھر میں مختلف منصوبوں کے حوالے سے اہم فیصلے کیے جن کے مطابق عوام کو ریلیف فراہم کرنے کیلئے اقدامات کیے جائیں گے اور صوبائی حکومتوں کے ساتھ مل کر ترقیاتی کاموں کو جلد مکمل کیا جائے گا، وزیراعظم نے کہا کہ معیشت کی بہتری کیلئے ٹھوس اقدامات جاری ہیں۔ پاکستان کی وفاقی حکومت نے ملک بھر میں مختلف منصوبوں کے حوالے سے اہم فیصلے کیے جن کے مطابق عوام کو ریلیف فراہم کرنے کیلئے اقدامات کیے جائیں گے اور صوبائی حکومتوں کے ساتھ مل کر ترقیاتی کاموں کو جلد مکم
45
نمبر
پاکستان کی وفاقی حکومت نے ملک بھر میں مختلف منصوبوں کے حوالے سے اہم فیصلے کیے جن کے مطابق عوام کو ریلیف فراہم کرنے کیلئے اقدامات کیے جائیں گے اور صوبائی حکومتوں کے ساتھ مل کر ترقیاتی کاموں کو جلد مکمل کیا جائے گا، وزیراعظم نے کہا کہ معیشت کی بہتری کیلئے ٹھوس اقدامات جاری ہیں۔ پاکستان کی وفاقی حکومت نے ملک بھر میں مختلف منصوبوں کے حوالے سے اہم فیصلے کیے جن کے مطابق عوام کو ریلیف فراہم کرنے کیلئے اقدامات کی
46
نمبر
پاکستان کی وفاقی حکومت نے ملک بھر میں مختلف منصوبوں کے حوالے سے اہم فیصلے کیے جن کے مطابق عوام کو ریلیف فراہم کرنے کیلئے اقدامات کیے جائ
47
نمبر
پاکستان کی وفاقی حکومت نے ملک بھر میں مختلف منصوبوں کے حوالے سے اہم فیصلے کیے جن کے مطابق عوام کو ریلیف فراہم کرنے کیلئے اقدامات کیے جائیں گے اور صوبائی حکومتوں کے ساتھ مل کر ترقیاتی کاموں کو جلد مکمل کیا جائے گا، وزیراعظم نے کہا کہ معیشت کی بہتری کیلئے ٹھوس اقدامات جاری ہیں۔ پاکستان کی وفاقی حکومت نے ملک بھر میں مختلف منصوبوں کے حوالے سے اہم فیصلے کیے جن کے مطابق عوام کو ریلیف فراہم کرنے کیلئے اقدامات کیے جائیں گے اور صوبائی حکومتوں کے ساتھ مل کر ترقیاتی کاموں کو جلد مکمل کیا جائے گا، وزیراعظم نے کہا کہ معیشت کی بہتری کیلئے ٹھوس اقدامات جاری ہیں۔ پاکستان کی وفاقی حکومت نے ملک بھر میں مختلف منصوبوں کے حوالے سے اہم فیصلے کیے جن کے مطابق عوام کو ریلیف فراہم کرنے کیلئے اقدام
48
نمبر
پاکستان کی وفاقی حکومت نے ملک بھر میں مختلف منصوبوں کے حوالے سے اہم فیصلے کیے جن کے مطابق عوام کو ریلیف فراہم کرنے کیلئے اقدامات کیے جائیں گے اور صوبائی حکومتوں کے ساتھ مل کر ترقیاتی کاموں کو جلد مکمل کیا جائے گا، وزیراعظم نے کہا کہ معیشت کی بہتری کیلئے ٹھوس اقدامات جاری ہیں۔ پاکستان کی وفاقی حکومت نے ملک بھر میں مختلف منصوبوں کے حوالے سے اہم فیصلے کیے جن کے مطابق عوام کو ریلیف فراہم کرنے کیلئے اقدامات کیے جائیں گے اور صوبائی حکومتوں کے ساتھ مل کر ترقیاتی کاموں کو جلد مکمل کیا جائے گا، وزیراعظم نے کہا کہ معیشت کی بہتری کیلئے ٹھوس اقدامات جاری ہیں۔ پاکستان کی وفاقی حکومت نے ملک بھر میں مختلف منصوبوں کے حوالے سے اہم فیصلے کیے جن کے مطابق عوام کو ریلیف فراہم کرنے کیلئے اقدامات کیے جائیں گے اور صوبائی حکومتوں کے ساتھ مل کر ترقیاتی کاموں کو جلد مکمل کیا جائے گا، وزیراعظم نے کہا کہ معیشت کی بہتری کیلئے ٹھوس اقد
49
نمبر
پاکستان کی وفاقی حکومت نے ملک بھر میں مختلف منصوبوں کے حوالے سے اہم فیصلے کیے جن کے مطابق عوام کو ریلیف فراہم کرنے کیلئے اقدامات کیے جائیں گے اور صوبائی حکومتوں کے ساتھ مل کر ترقیاتی کاموں کو جلد مکمل کیا جائے گا، وزیراعظم نے کہا کہ معیشت کی بہتری کیلئے ٹھوس اقدامات جاری ہیں۔ پاکستان کی وفاقی حکومت نے ملک بھر میں مختلف منصوبوں کے حوالے سے اہم فیصلے کیے جن کے مطابق عوام کو ریلیف فراہم کرنے کیلئے اقدامات کیے جائیں گے اور صوبائی حکومتوں کے ساتھ مل کر ترقیاتی کاموں کو جلد مکمل کیا جائے گا، وزیراعظم نے کہا کہ معیشت کی بہتری کیلئے ٹھوس اقدامات جاری ہیں۔ پاکستان کی وفاقی حکومت نے ملک بھر میں مختلف منصوبوں کے حوالے سے اہم فیصلے کیے جن کے مطابق عوام کو ریلیف فراہم کرنے کیلئے اقدامات کیے جائیں گے اور صوبائی حکومتوں کے ساتھ مل کر ترقیاتی کاموں کو جلد مکمل کیا جائے گا، وزیراعظم نے کہا کہ معیشت کی بہتری کیلئے ٹھوس اقدامات جاری ہیں۔ پاکستان کی وفاقی حکومت نے ملک بھر میں مختلف منصوبوں کے حوالے سے اہم فیصلے کیے جن کے مطابق عوام کو ریلیف فراہم کرنے کیلئے اقدامات کیے جائیں گے اور صوبائی حکومتوں کے ساتھ مل کر ترقیاتی کاموں
50
نمبر
پاکستان کی وفاقی حکومت نے ملک بھر میں مختلف منصوبوں کے حوالے سے اہم فیصلے کیے جن کے مطابق عوام کو ریلیف فراہم کرنے کیلئے اقدامات کیے جائیں گے اور صوبائی حکومتوں کے ساتھ مل کر ترقیاتی کاموں کو جلد مکمل کیا جائے گا، وزیراعظم نے کہا کہ معیشت کی بہتری کیلئے ٹھوس اقدامات جاری ہیں۔ پاکستان کی وفاقی حکومت نے ملک بھر میں مختلف منصوبوں کے حوالے سے
